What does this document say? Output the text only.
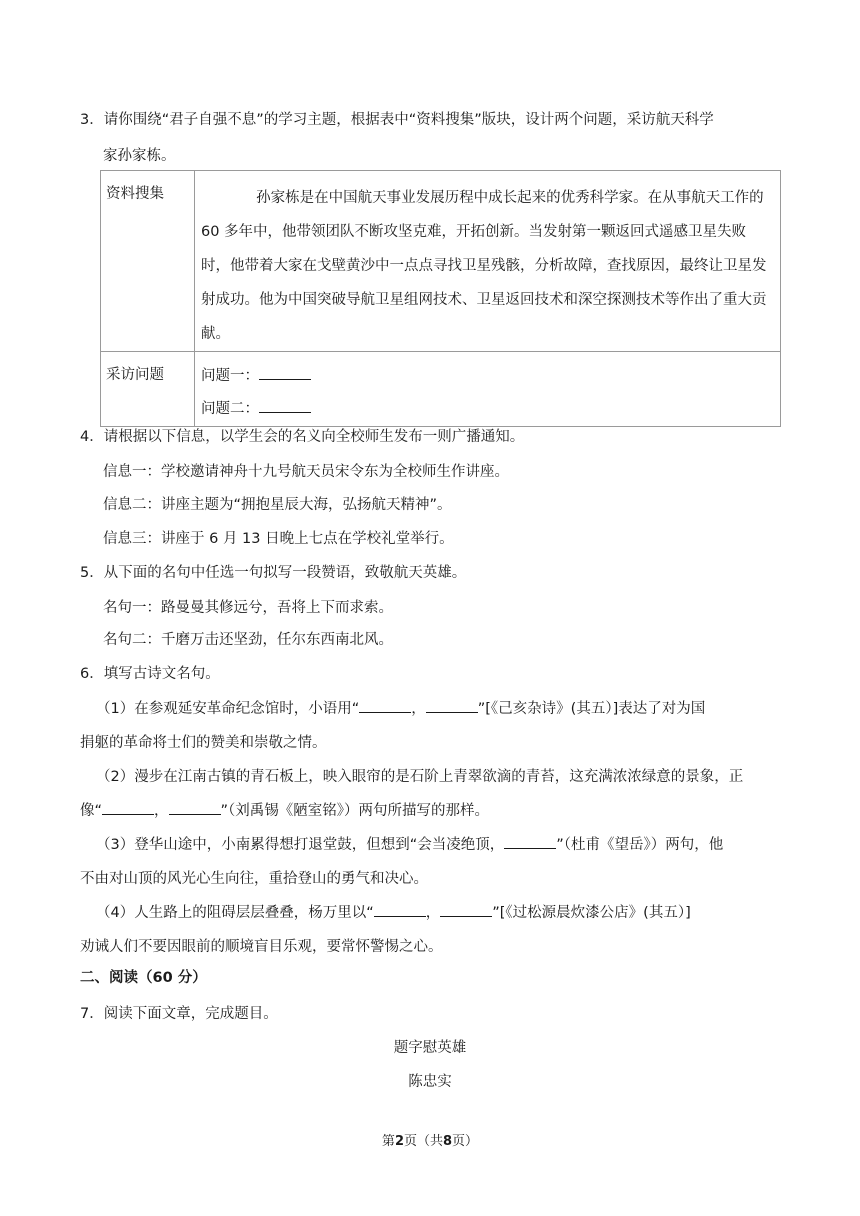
3．请你围绕“君子自强不息”的学习主题，根据表中“资料搜集”版块，设计两个问题，采访航天科学
家孙家栋。
资料搜集	孙家栋是在中国航天事业发展历程中成长起来的优秀科学家。在从事航天工作的 60 多年中，他带领团队不断攻坚克难，开拓创新。当发射第一颗返回式遥感卫星失败时，他带着大家在戈壁黄沙中一点点寻找卫星残骸，分析故障，查找原因，最终让卫星发射成功。他为中国突破导航卫星组网技术、卫星返回技术和深空探测技术等作出了重大贡献。
采访问题	问题一：
问题二：
4．请根据以下信息，以学生会的名义向全校师生发布一则广播通知。
信息一：学校邀请神舟十九号航天员宋令东为全校师生作讲座。
信息二：讲座主题为“拥抱星辰大海，弘扬航天精神”。
信息三：讲座于 6 月 13 日晚上七点在学校礼堂举行。
5．从下面的名句中任选一句拟写一段赞语，致敬航天英雄。
名句一：路曼曼其修远兮，吾将上下而求索。
名句二：千磨万击还坚劲，任尔东西南北风。
6．填写古诗文名句。
（1）在参观延安革命纪念馆时，小语用“	，	”[《己亥杂诗》(其五）]表达了对为国
捐躯的革命将士们的赞美和崇敬之情。
（2）漫步在江南古镇的青石板上，映入眼帘的是石阶上青翠欲滴的青苔，这充满浓浓绿意的景象，正
像“	，	”（刘禹锡《陋室铭》）两句所描写的那样。
（3）登华山途中，小南累得想打退堂鼓，但想到“会当凌绝顶，	”（杜甫《望岳》）两句，他
不由对山顶的风光心生向往，重拾登山的勇气和决心。
（4）人生路上的阻碍层层叠叠，杨万里以“	，	”[《过松源晨炊漆公店》(其五）]
劝诫人们不要因眼前的顺境盲目乐观，要常怀警惕之心。
二、阅读（60 分）
7．阅读下面文章，完成题目。
题字慰英雄
陈忠实
第2页（共8页）
